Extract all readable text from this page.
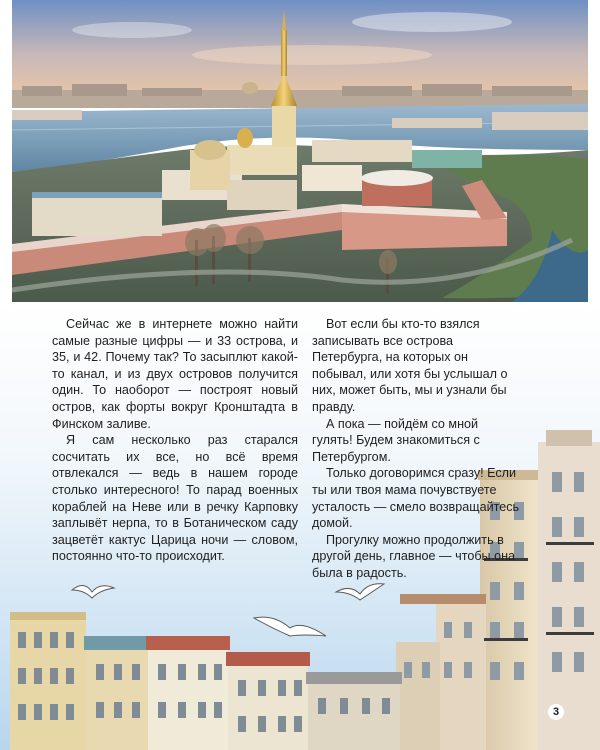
Сейчас же в интернете можно найти самые разные цифры — и 33 острова, и 35, и 42. Почему так? То засыплют какой-то канал, и из двух островов получится один. То наоборот — построят новый остров, как форты вокруг Кронштадта в Финском заливе.

Я сам несколько раз старался сосчитать их все, но всё время отвлекался — ведь в нашем городе столько интересного! То парад военных кораблей на Неве или в речку Карповку заплывёт нерпа, то в Ботаническом саду зацветёт кактус Царица ночи — словом, постоянно что-то происходит.

Вот если бы кто-то взялся записывать все острова Петербурга, на которых он побывал, или хотя бы услышал о них, может быть, мы и узнали бы правду.

А пока — пойдём со мной гулять! Будем знакомиться с Петербургом.

Только договоримся сразу! Если ты или твоя мама почувствуете усталость — смело возвращайтесь домой.

Прогулку можно продолжить в другой день, главное — чтобы она была в радость.

3
